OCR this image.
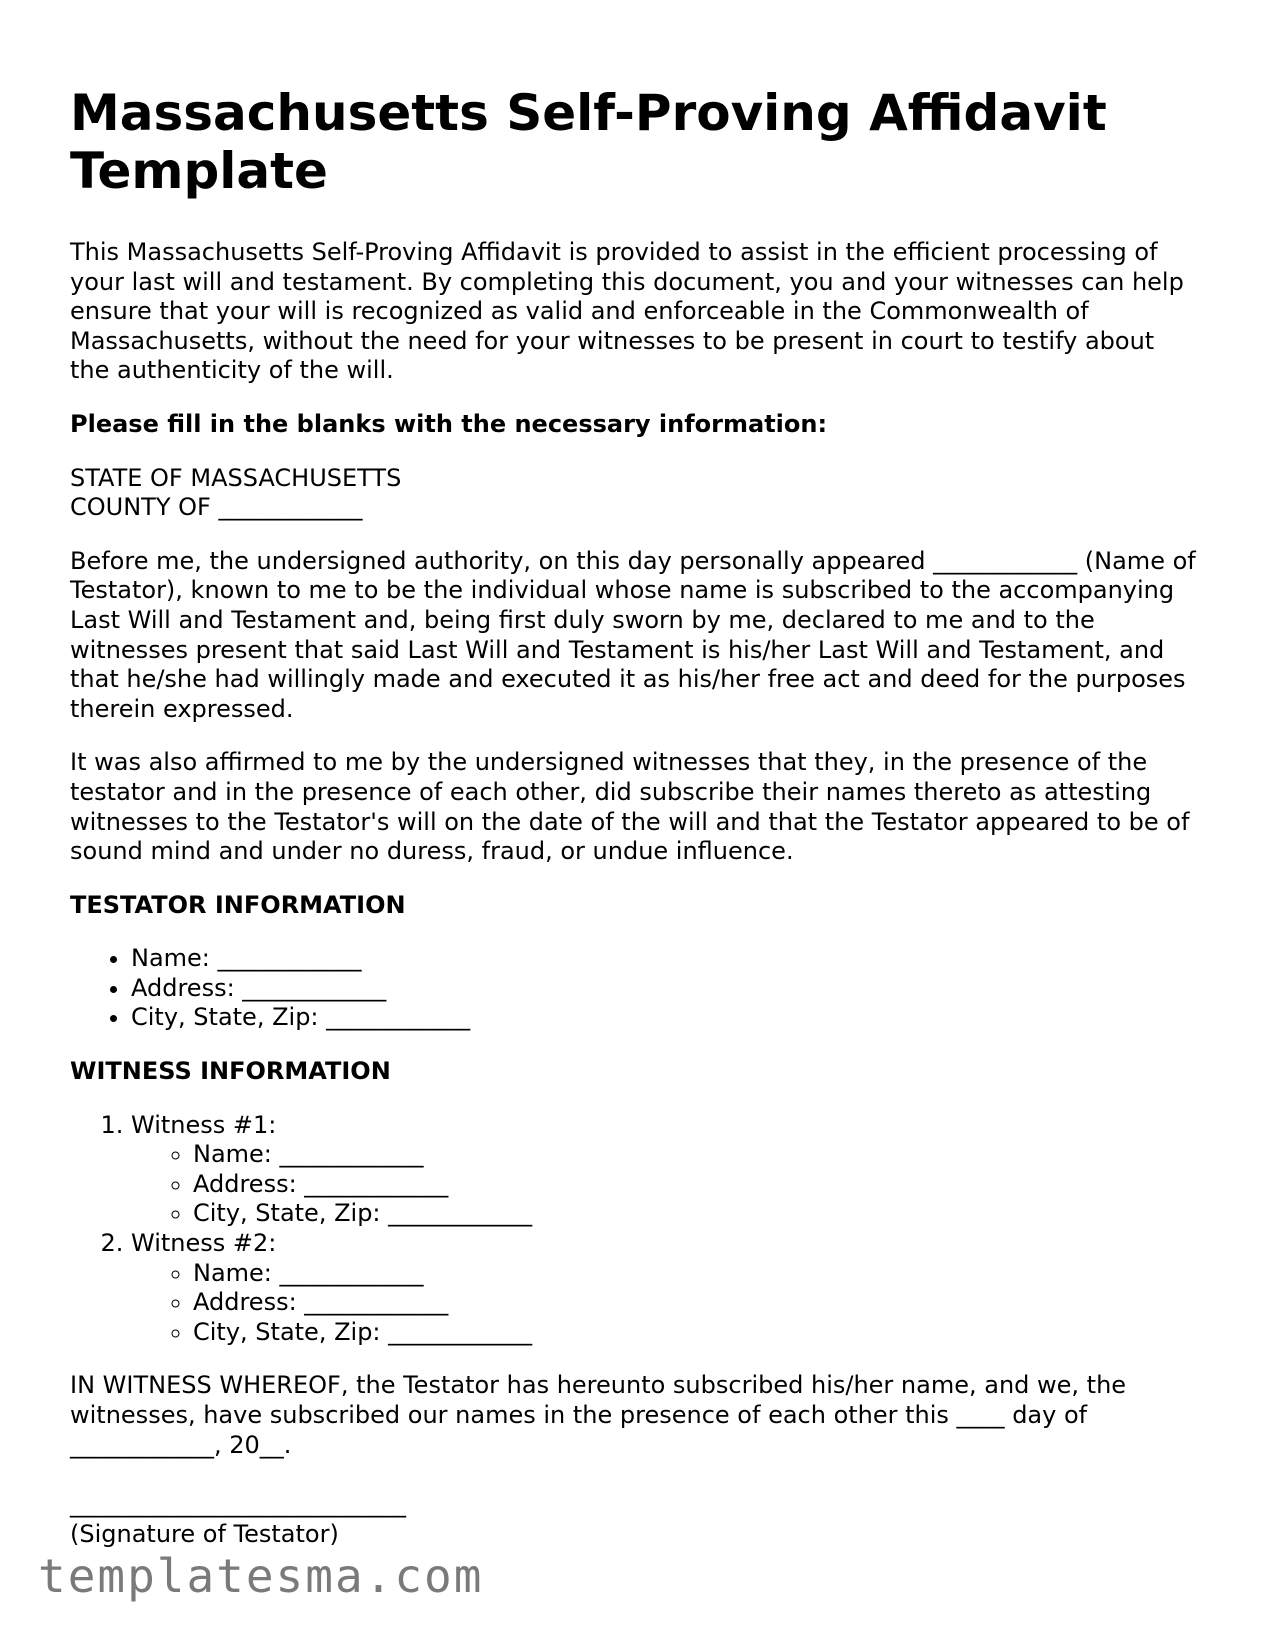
Massachusetts Self-Proving Affidavit Template

This Massachusetts Self-Proving Affidavit is provided to assist in the efficient processing of your last will and testament. By completing this document, you and your witnesses can help ensure that your will is recognized as valid and enforceable in the Commonwealth of Massachusetts, without the need for your witnesses to be present in court to testify about the authenticity of the will.

Please fill in the blanks with the necessary information:

STATE OF MASSACHUSETTS
COUNTY OF ____________

Before me, the undersigned authority, on this day personally appeared ____________ (Name of Testator), known to me to be the individual whose name is subscribed to the accompanying Last Will and Testament and, being first duly sworn by me, declared to me and to the witnesses present that said Last Will and Testament is his/her Last Will and Testament, and that he/she had willingly made and executed it as his/her free act and deed for the purposes therein expressed.

It was also affirmed to me by the undersigned witnesses that they, in the presence of the testator and in the presence of each other, did subscribe their names thereto as attesting witnesses to the Testator's will on the date of the will and that the Testator appeared to be of sound mind and under no duress, fraud, or undue influence.

TESTATOR INFORMATION

• Name: ____________
• Address: ____________
• City, State, Zip: ____________

WITNESS INFORMATION

1. Witness #1:
◦ Name: ____________
◦ Address: ____________
◦ City, State, Zip: ____________
2. Witness #2:
◦ Name: ____________
◦ Address: ____________
◦ City, State, Zip: ____________

IN WITNESS WHEREOF, the Testator has hereunto subscribed his/her name, and we, the witnesses, have subscribed our names in the presence of each other this ____ day of ____________, 20__.

____________________________

(Signature of Testator)

templatesma.com
